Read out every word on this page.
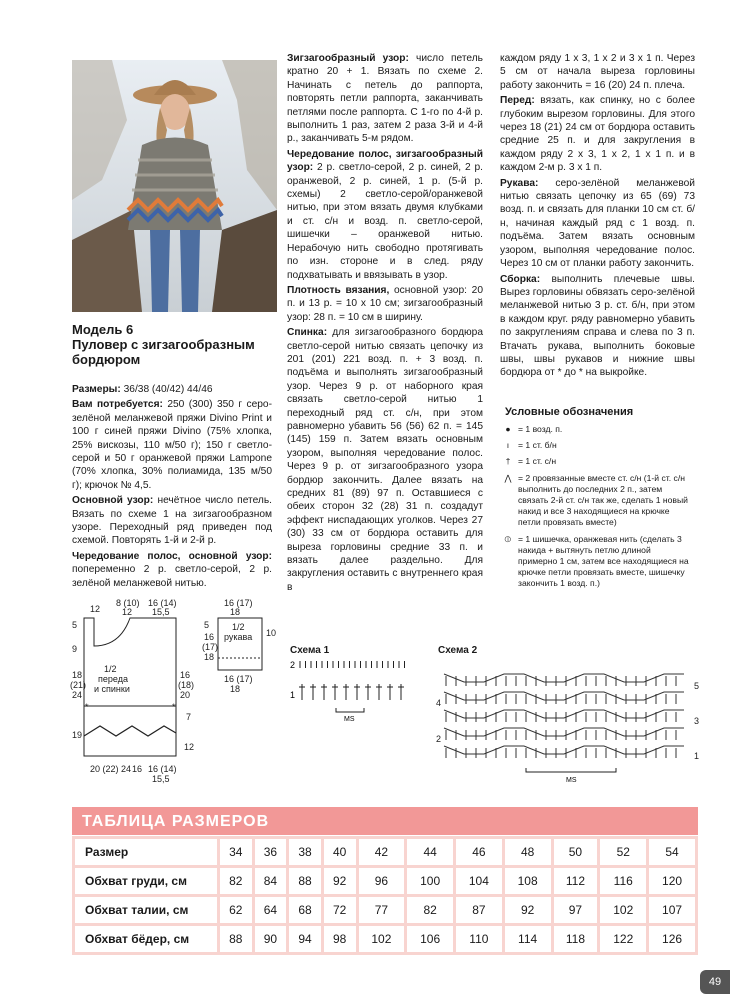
Модель 6
Пуловер с зигзагообразным бордюром

Размеры: 36/38 (40/42) 44/46

Вам потребуется: 250 (300) 350 г серо-зелёной меланжевой пряжи Divino Print и 100 г синей пряжи Divino (75% хлопка, 25% вискозы, 110 м/50 г); 150 г светло-серой и 50 г оранжевой пряжи Lampone (70% хлопка, 30% полиамида, 135 м/50 г); крючок № 4,5.

Основной узор: нечётное число петель. Вязать по схеме 1 на зигзагообразном узоре. Переходный ряд приведен под схемой. Повторять 1-й и 2-й р.

Чередование полос, основной узор: попеременно 2 р. светло-серой, 2 р. зелёной меланжевой нитью.

Зигзагообразный узор: число петель кратно 20 + 1. Вязать по схеме 2. Начинать с петель до раппорта, повторять петли раппорта, заканчивать петлями после раппорта. С 1-го по 4-й р. выполнить 1 раз, затем 2 раза 3-й и 4-й р., заканчивать 5-м рядом.

Чередование полос, зигзагообразный узор: 2 р. светло-серой, 2 р. синей, 2 р. оранжевой, 2 р. синей, 1 р. (5-й р. схемы) 2 светло-серой/оранжевой нитью, при этом вязать двумя клубками и ст. с/н и возд. п. светло-серой, шишечки – оранжевой нитью. Нерабочую нить свободно протягивать по изн. стороне и в след. ряду подхватывать и ввязывать в узор.

Плотность вязания, основной узор: 20 п. и 13 р. = 10 х 10 см; зигзагообразный узор: 28 п. = 10 см в ширину.

Спинка: для зигзагообразного бордюра светло-серой нитью связать цепочку из 201 (201) 221 возд. п. + 3 возд. п. подъёма и выполнять зигзагообразный узор. Через 9 р. от наборного края связать светло-серой нитью 1 переходный ряд ст. с/н, при этом равномерно убавить 56 (56) 62 п. = 145 (145) 159 п. Затем вязать основным узором, выполняя чередование полос. Через 9 р. от зигзагообразного узора бордюр закончить. Далее вязать на средних 81 (89) 97 п. Оставшиеся с обеих сторон 32 (28) 31 п. создадут эффект ниспадающих уголков. Через 27 (30) 33 см от бордюра оставить для выреза горловины средние 33 п. и вязать далее раздельно. Для закругления оставить с внутреннего края в

каждом ряду 1 х 3, 1 х 2 и 3 х 1 п. Через 5 см от начала выреза горловины работу закончить = 16 (20) 24 п. плеча.

Перед: вязать, как спинку, но с более глубоким вырезом горловины. Для этого через 18 (21) 24 см от бордюра оставить средние 25 п. и для закругления в каждом ряду 2 х 3, 1 х 2, 1 х 1 п. и в каждом 2-м р. 3 х 1 п.

Рукава: серо-зелёной меланжевой нитью связать цепочку из 65 (69) 73 возд. п. и связать для планки 10 см ст. б/н, начиная каждый ряд с 1 возд. п. подъёма. Затем вязать основным узором, выполняя чередование полос. Через 10 см от планки работу закончить.

Сборка: выполнить плечевые швы. Вырез горловины обвязать серо-зелёной меланжевой нитью 3 р. ст. б/н, при этом в каждом круг. ряду равномерно убавить по закруглениям справа и слева по 3 п. Втачать рукава, выполнить боковые швы, швы рукавов и нижние швы бордюра от * до * на выкройке.

Условные обозначения
● = 1 возд. п.
ı	= 1 ст. б/н
† = 1 ст. с/н
⋀ = 2 провязанные вместе ст. с/н (1-й ст. с/н выполнить до последних 2 п., затем связать 2-й ст. с/н так же, сделать 1 новый накид и все 3 находящиеся на крючке петли провязать вместе)
⦶ = 1 шишечка, оранжевая нить (сделать 3 накида + вытянуть петлю длиной примерно 1 см, затем все находящиеся на крючке петли провязать вместе, шишечку закончить 1 возд. п.)
12
8 (10)
12
16 (14)
15,5
5
9
18
(21)
24
19
16
(18)
20
7
12
1/2
переда
и спинки
20 (22) 24 16 16 (14)
15,5
*	*
16 (17)
18
5
16
(17)
18
10
1/2
рукава
16 (17)
18
Схема 1
2
1
MS
Схема 2
5
3
1
4
2
MS
ТАБЛИЦА РАЗМЕРОВ
Размер	34	36	38	40	42	44	46	48	50	52	54
Обхват груди, см	82	84	88	92	96	100	104	108	112	116	120
Обхват талии, см	62	64	68	72	77	82	87	92	97	102	107
Обхват бёдер, см	88	90	94	98	102	106	110	114	118	122	126
49
